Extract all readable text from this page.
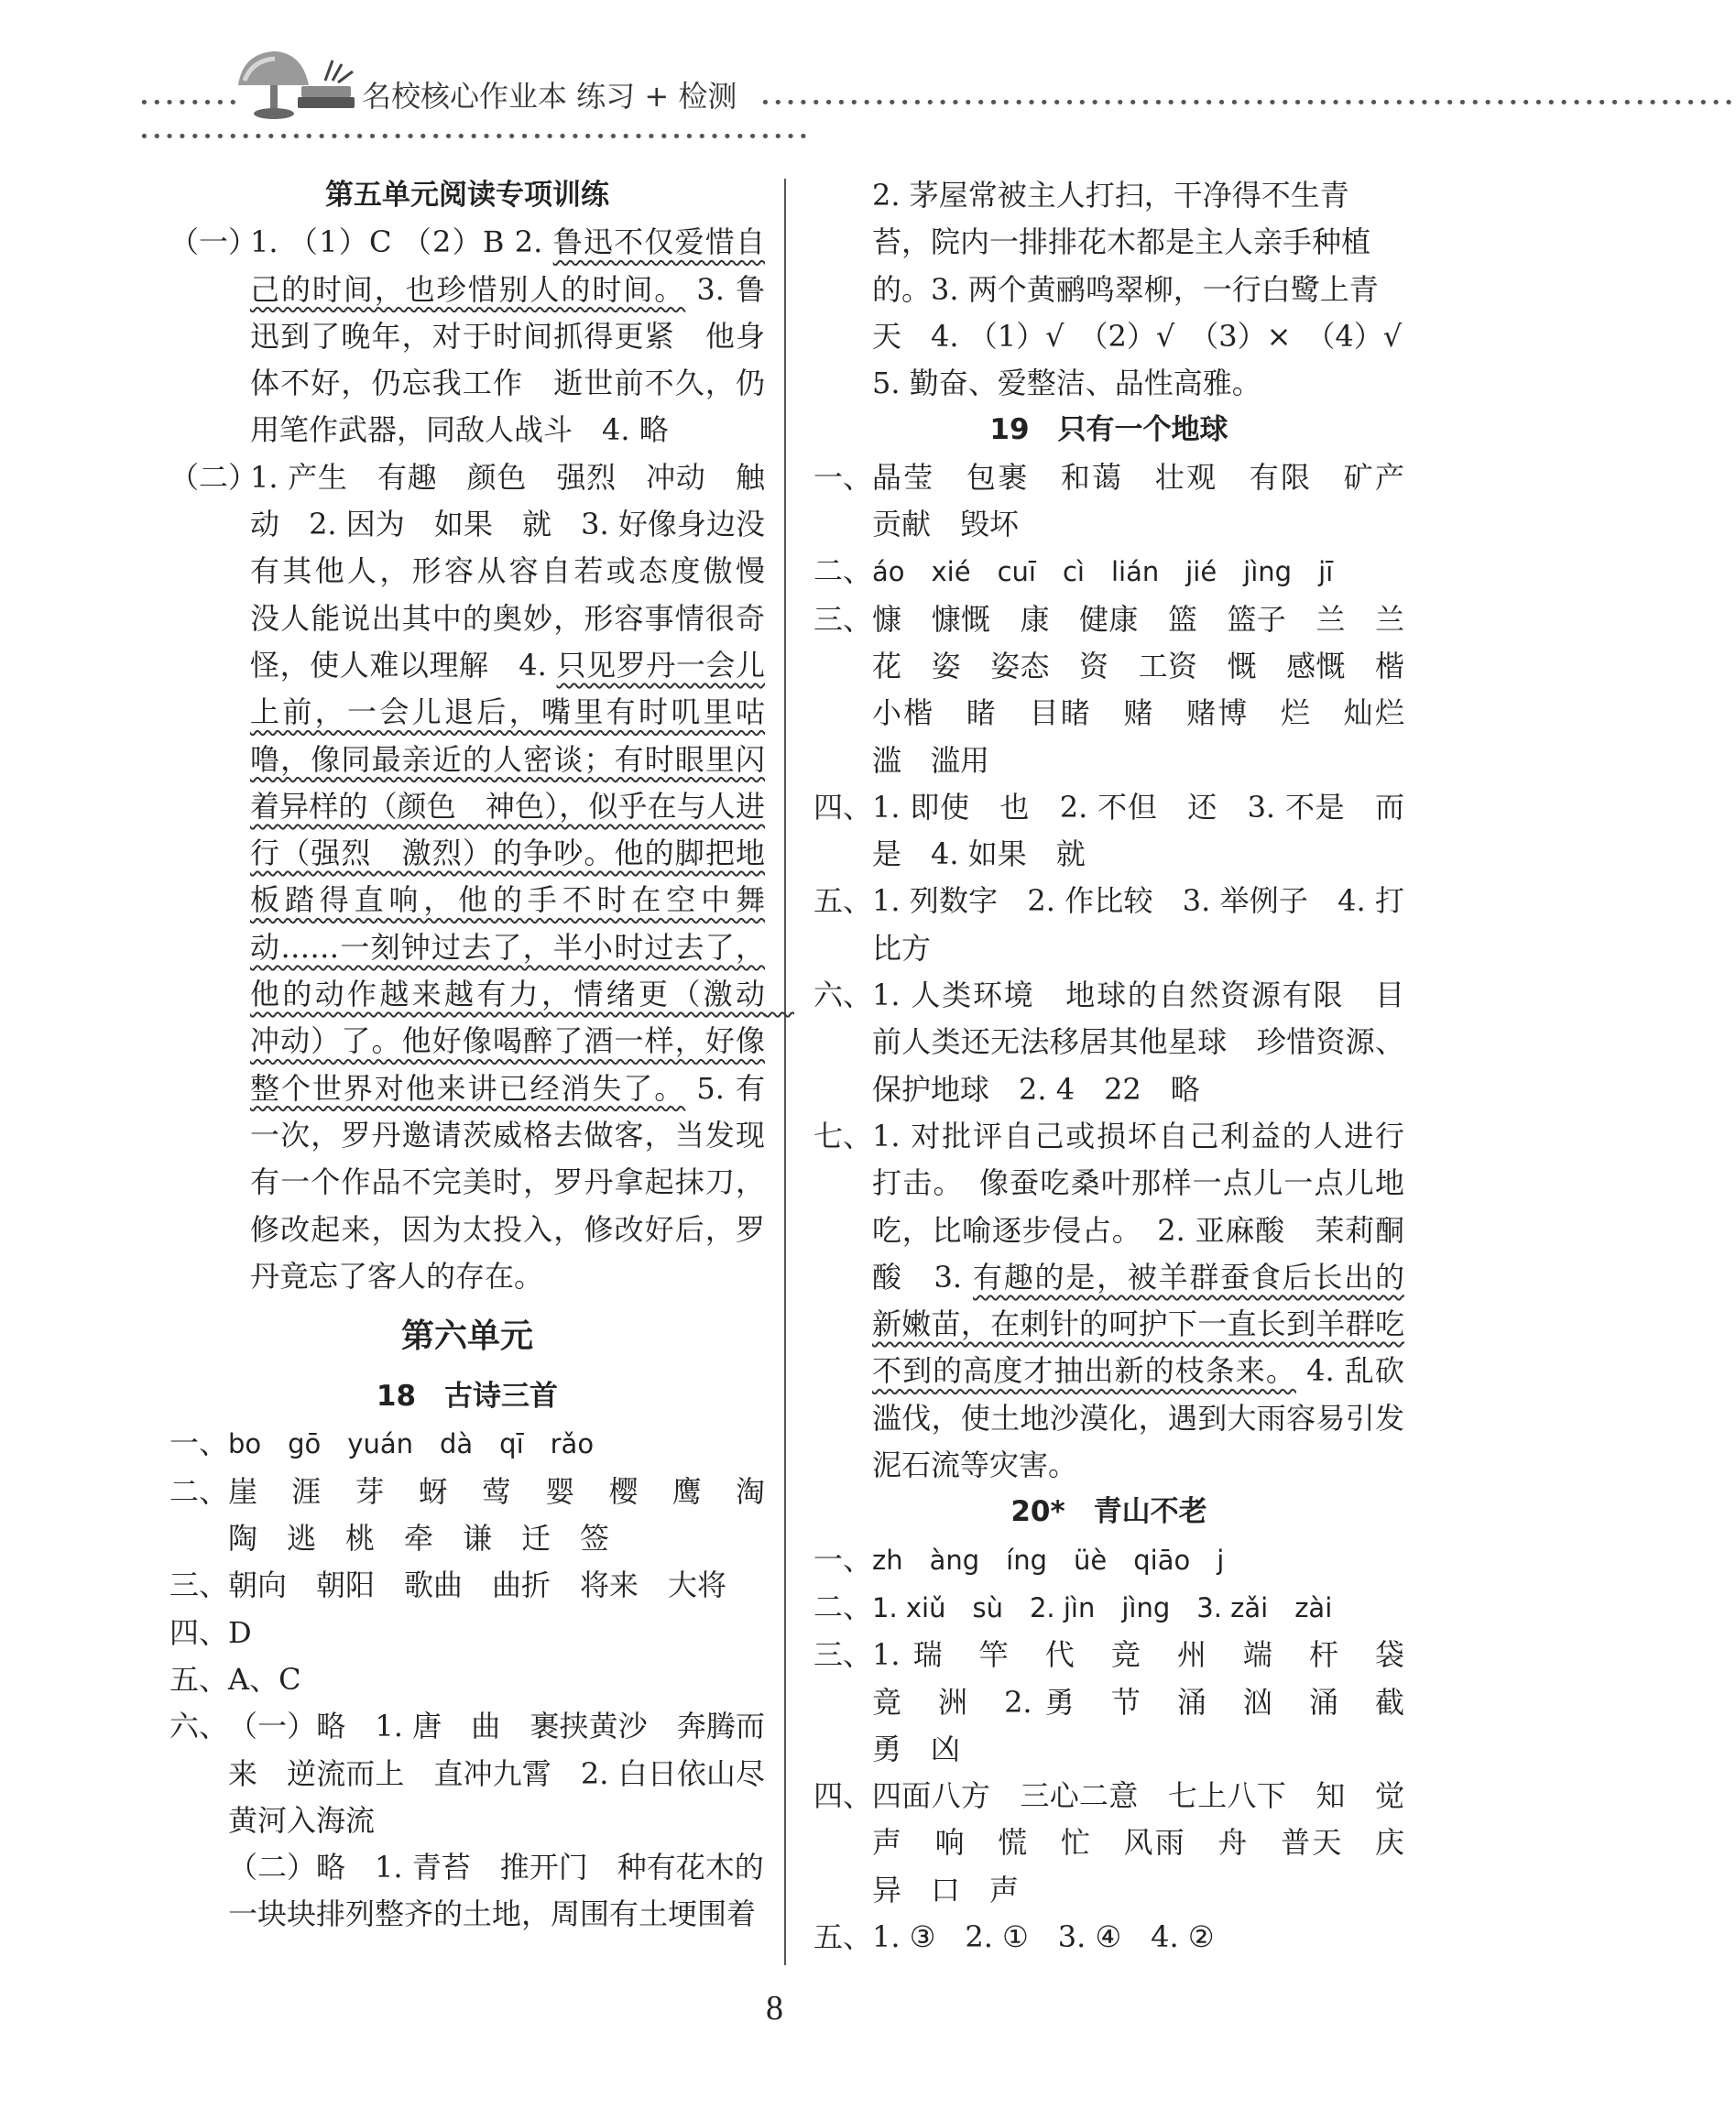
••••••••	名校核心作业本 练习 + 检测 •••••••••••••••••••••••••••••••••••••••••••••••••••••••••••••••••••••••••••••
•••••••••••••••••••••••••••••••••••••••••••••••••••••
第五单元阅读专项训练
（一）
1. （1）C （2）B 2. 鲁迅不仅爱惜自己的时间，也珍惜别人的时间。 3. 鲁迅到了晚年，对于时间抓得更紧　他身体不好，仍忘我工作　逝世前不久，仍用笔作武器，同敌人战斗　4. 略
（二）
1. 产生　有趣　颜色　强烈　冲动　触动　2. 因为　如果　就　3. 好像身边没有其他人，形容从容自若或态度傲慢　没人能说出其中的奥妙，形容事情很奇怪，使人难以理解　4. 只见罗丹一会儿上前，一会儿退后，嘴里有时叽里咕噜，像同最亲近的人密谈；有时眼里闪着异样的（颜色　神色），似乎在与人进行（强烈　激烈）的争吵。他的脚把地板踏得直响，他的手不时在空中舞动……一刻钟过去了，半小时过去了，他的动作越来越有力，情绪更（激动　冲动）了。他好像喝醉了酒一样，好像整个世界对他来讲已经消失了。 5. 有一次，罗丹邀请茨威格去做客，当发现有一个作品不完美时，罗丹拿起抹刀，修改起来，因为太投入，修改好后，罗丹竟忘了客人的存在。
第六单元
18　古诗三首
一、 bo　gō　yuán　dà　qī　rǎo
二、 崖　涯　芽　蚜　莺　婴　樱　鹰　淘　陶　逃　桃　牵　谦　迁　签
三、 朝向　朝阳　歌曲　曲折　将来　大将
四、 D
五、 A、C
六、 （一）略　1. 唐　曲　裹挟黄沙　奔腾而来　逆流而上　直冲九霄　2. 白日依山尽　黄河入海流
（二）略　1. 青苔　推开门　种有花木的一块块排列整齐的土地，周围有土埂围着
2. 茅屋常被主人打扫，干净得不生青苔，院内一排排花木都是主人亲手种植的。3. 两个黄鹂鸣翠柳，一行白鹭上青天　4. （1）√　（2）√　（3）×　（4）√　5. 勤奋、爱整洁、品性高雅。
19　只有一个地球
一、 晶莹　包裹　和蔼　壮观　有限　矿产　贡献　毁坏
二、 áo　xié　cuī　cì　lián　jié　jìng　jī
三、 慷　慷慨　康　健康　篮　篮子　兰　兰花　姿　姿态　资　工资　慨　感慨　楷　小楷　睹　目睹　赌　赌博　烂　灿烂　滥　滥用
四、 1. 即使　也　2. 不但　还　3. 不是　而是　4. 如果　就
五、 1. 列数字　2. 作比较　3. 举例子　4. 打比方
六、 1. 人类环境　地球的自然资源有限　目前人类还无法移居其他星球　珍惜资源、保护地球　2. 4　22　略
七、 1. 对批评自己或损坏自己利益的人进行打击。　像蚕吃桑叶那样一点儿一点儿地吃，比喻逐步侵占。　2. 亚麻酸　茉莉酮酸　3. 有趣的是，被羊群蚕食后长出的新嫩苗，在刺针的呵护下一直长到羊群吃不到的高度才抽出新的枝条来。 4. 乱砍滥伐，使土地沙漠化，遇到大雨容易引发泥石流等灾害。
20*　青山不老
一、 zh　àng　íng　üè　qiāo　j
二、 1. xiǔ　sù　2. jìn　jìng　3. zǎi　zài
三、 1. 瑞　竿　代　竞　州　端　杆　袋　竟　洲　2. 勇　节　涌　汹　涌　截　勇　凶
四、 四面八方　三心二意　七上八下　知　觉　声　响　慌　忙　风雨　舟　普天　庆　异　口　声
五、 1. ③　2. ①　3. ④　4. ②
8
